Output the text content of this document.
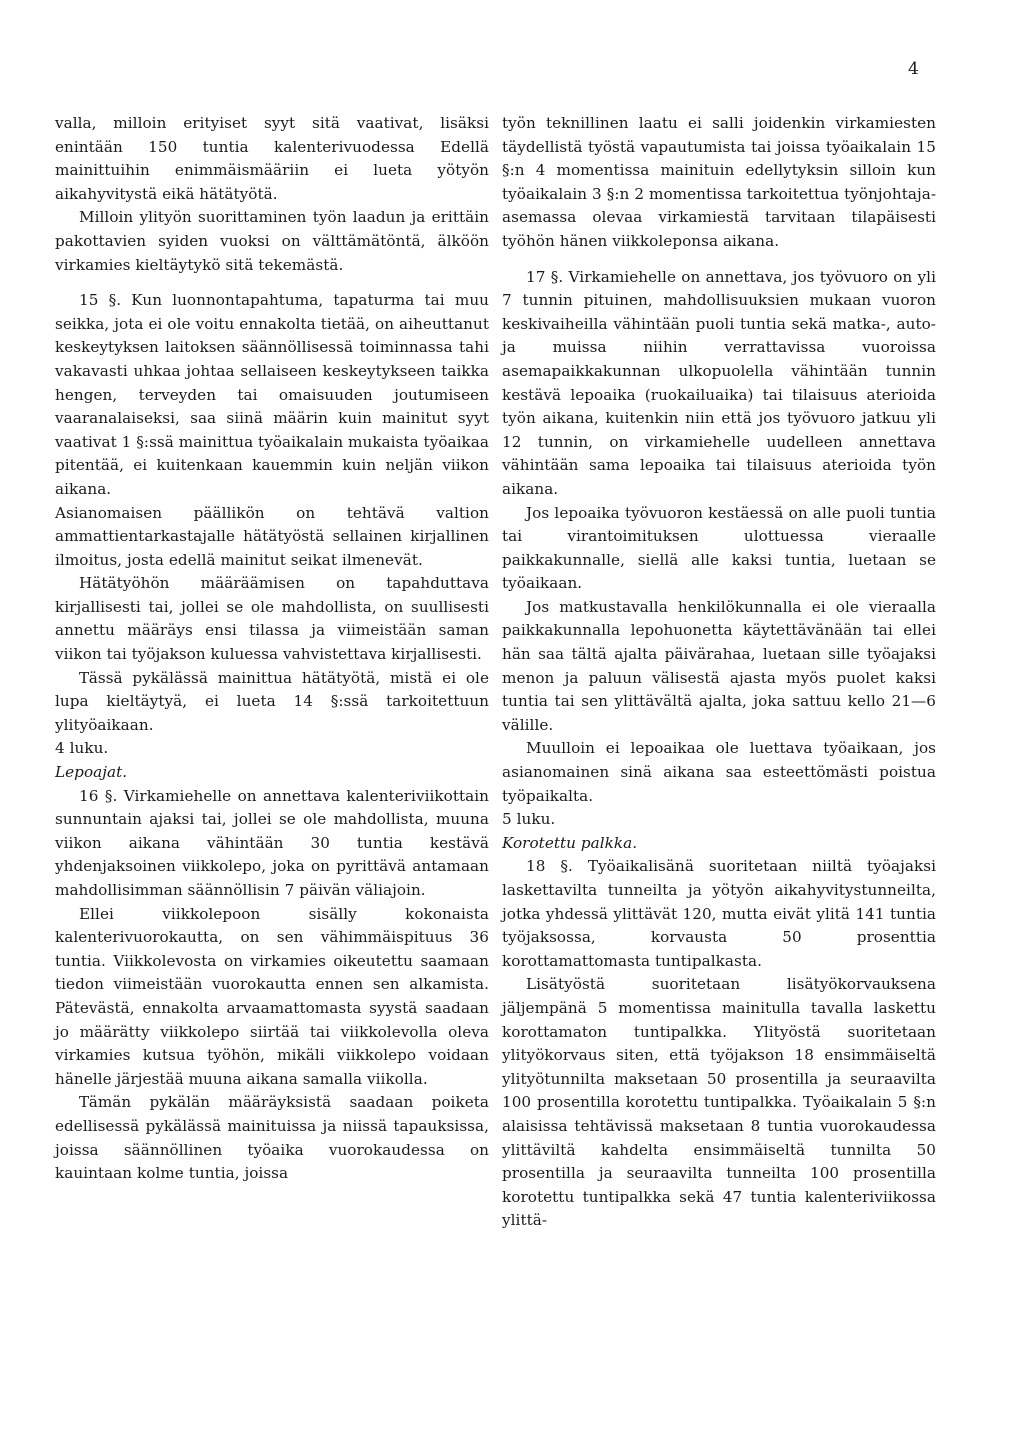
4

valla, milloin erityiset syyt sitä vaativat, lisäksi enintään 150 tuntia kalenterivuodessa Edellä mainittuihin enimmäismääriin ei lueta yötyön aikahyvitystä eikä hätätyötä.

Milloin ylityön suorittaminen työn laadun ja erittäin pakottavien syiden vuoksi on välttämätöntä, älköön virkamies kieltäytykö sitä tekemästä.

15 §. Kun luonnontapahtuma, tapaturma tai muu seikka, jota ei ole voitu ennakolta tietää, on aiheuttanut keskeytyksen laitoksen säännöllisessä toiminnassa tahi vakavasti uhkaa johtaa sellaiseen keskeytykseen taikka hengen, terveyden tai omaisuuden joutumiseen vaaranalaiseksi, saa siinä määrin kuin mainitut syyt vaativat 1 §:ssä mainittua työaikalain mukaista työaikaa pitentää, ei kuitenkaan kauemmin kuin neljän viikon aikana.

Asianomaisen päällikön on tehtävä valtion ammattientarkastajalle hätätyöstä sellainen kirjallinen ilmoitus, josta edellä mainitut seikat ilmenevät.

Hätätyöhön määräämisen on tapahduttava kirjallisesti tai, jollei se ole mahdollista, on suullisesti annettu määräys ensi tilassa ja viimeistään saman viikon tai työjakson kuluessa vahvistettava kirjallisesti.

Tässä pykälässä mainittua hätätyötä, mistä ei ole lupa kieltäytyä, ei lueta 14 §:ssä tarkoitettuun ylityöaikaan.

4 luku.

Lepoajat.

16 §. Virkamiehelle on annettava kalenteriviikottain sunnuntain ajaksi tai, jollei se ole mahdollista, muuna viikon aikana vähintään 30 tuntia kestävä yhdenjaksoinen viikkolepo, joka on pyrittävä antamaan mahdollisimman säännöllisin 7 päivän väliajoin.

Ellei viikkolepoon sisälly kokonaista kalenterivuorokautta, on sen vähimmäispituus 36 tuntia. Viikkolevosta on virkamies oikeutettu saamaan tiedon viimeistään vuorokautta ennen sen alkamista. Pätevästä, ennakolta arvaamattomasta syystä saadaan jo määrätty viikkolepo siirtää tai viikkolevolla oleva virkamies kutsua työhön, mikäli viikkolepo voidaan hänelle järjestää muuna aikana samalla viikolla.

Tämän pykälän määräyksistä saadaan poiketa edellisessä pykälässä mainituissa ja niissä tapauksissa, joissa säännöllinen työaika vuorokaudessa on kauintaan kolme tuntia, joissa

työn teknillinen laatu ei salli joidenkin virkamiesten täydellistä työstä vapautumista tai joissa työaikalain 15 §:n 4 momentissa mainituin edellytyksin silloin kun työaikalain 3 §:n 2 momentissa tarkoitettua työnjohtaja-asemassa olevaa virkamiestä tarvitaan tilapäisesti työhön hänen viikkoleponsa aikana.

17 §. Virkamiehelle on annettava, jos työvuoro on yli 7 tunnin pituinen, mahdollisuuksien mukaan vuoron keskivaiheilla vähintään puoli tuntia sekä matka-, auto- ja muissa niihin verrattavissa vuoroissa asemapaikkakunnan ulkopuolella vähintään tunnin kestävä lepoaika (ruokailuaika) tai tilaisuus aterioida työn aikana, kuitenkin niin että jos työvuoro jatkuu yli 12 tunnin, on virkamiehelle uudelleen annettava vähintään sama lepoaika tai tilaisuus aterioida työn aikana.

Jos lepoaika työvuoron kestäessä on alle puoli tuntia tai virantoimituksen ulottuessa vieraalle paikkakunnalle, siellä alle kaksi tuntia, luetaan se työaikaan.

Jos matkustavalla henkilökunnalla ei ole vieraalla paikkakunnalla lepohuonetta käytettävänään tai ellei hän saa tältä ajalta päivärahaa, luetaan sille työajaksi menon ja paluun välisestä ajasta myös puolet kaksi tuntia tai sen ylittävältä ajalta, joka sattuu kello 21—6 välille.

Muulloin ei lepoaikaa ole luettava työaikaan, jos asianomainen sinä aikana saa esteettömästi poistua työpaikalta.

5 luku.

Korotettu palkka.

18 §. Työaikalisänä suoritetaan niiltä työajaksi laskettavilta tunneilta ja yötyön aikahyvitystunneilta, jotka yhdessä ylittävät 120, mutta eivät ylitä 141 tuntia työjaksossa, korvausta 50 prosenttia korottamattomasta tuntipalkasta.

Lisätyöstä suoritetaan lisätyökorvauksena jäljempänä 5 momentissa mainitulla tavalla laskettu korottamaton tuntipalkka. Ylityöstä suoritetaan ylityökorvaus siten, että työjakson 18 ensimmäiseltä ylityötunnilta maksetaan 50 prosentilla ja seuraavilta 100 prosentilla korotettu tuntipalkka. Työaikalain 5 §:n alaisissa tehtävissä maksetaan 8 tuntia vuorokaudessa ylittäviltä kahdelta ensimmäiseltä tunnilta 50 prosentilla ja seuraavilta tunneilta 100 prosentilla korotettu tuntipalkka sekä 47 tuntia kalenteriviikossa ylittä-
